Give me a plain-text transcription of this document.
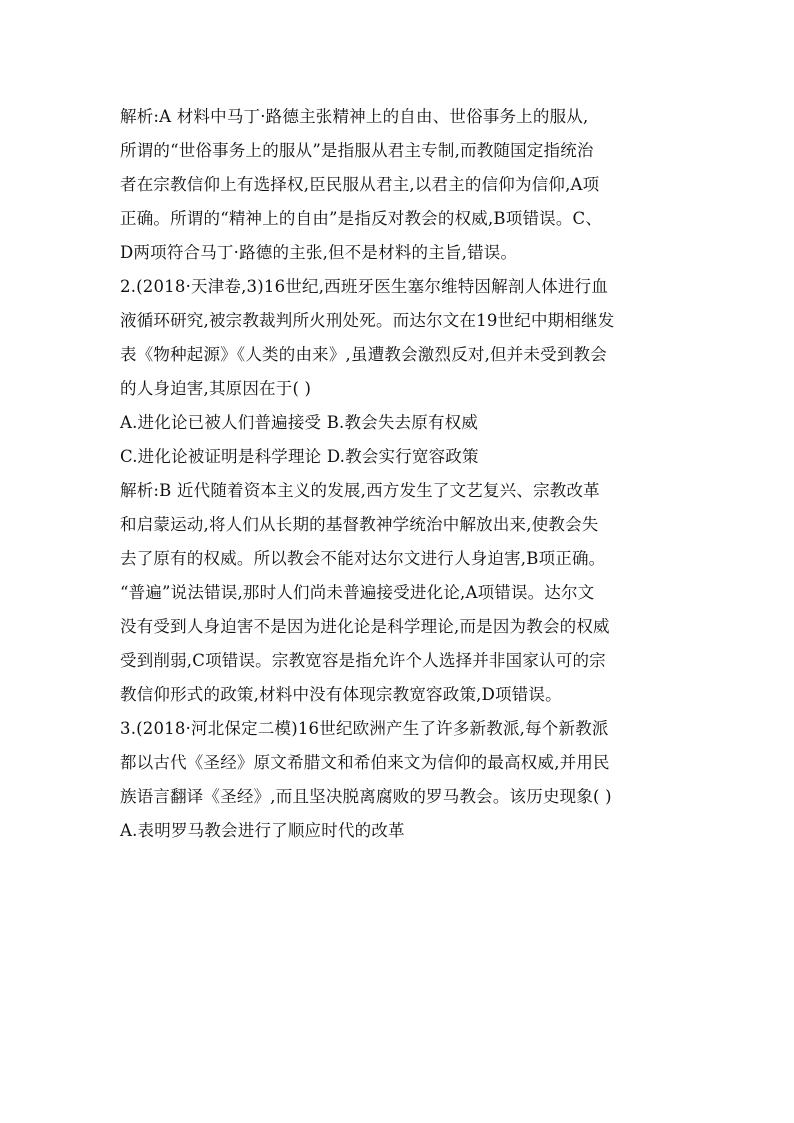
解析:A 材料中马丁·路德主张精神上的自由、世俗事务上的服从,
所谓的“世俗事务上的服从”是指服从君主专制,而教随国定指统治
者在宗教信仰上有选择权,臣民服从君主,以君主的信仰为信仰,A项
正确。所谓的“精神上的自由”是指反对教会的权威,B项错误。C、
D两项符合马丁·路德的主张,但不是材料的主旨,错误。
2.(2018·天津卷,3)16世纪,西班牙医生塞尔维特因解剖人体进行血
液循环研究,被宗教裁判所火刑处死。而达尔文在19世纪中期相继发
表《物种起源》《人类的由来》,虽遭教会激烈反对,但并未受到教会
的人身迫害,其原因在于( )
A.进化论已被人们普遍接受 B.教会失去原有权威
C.进化论被证明是科学理论 D.教会实行宽容政策
解析:B 近代随着资本主义的发展,西方发生了文艺复兴、宗教改革
和启蒙运动,将人们从长期的基督教神学统治中解放出来,使教会失
去了原有的权威。所以教会不能对达尔文进行人身迫害,B项正确。
“普遍”说法错误,那时人们尚未普遍接受进化论,A项错误。达尔文
没有受到人身迫害不是因为进化论是科学理论,而是因为教会的权威
受到削弱,C项错误。宗教宽容是指允许个人选择并非国家认可的宗
教信仰形式的政策,材料中没有体现宗教宽容政策,D项错误。
3.(2018·河北保定二模)16世纪欧洲产生了许多新教派,每个新教派
都以古代《圣经》原文希腊文和希伯来文为信仰的最高权威,并用民
族语言翻译《圣经》,而且坚决脱离腐败的罗马教会。该历史现象( )
A.表明罗马教会进行了顺应时代的改革
